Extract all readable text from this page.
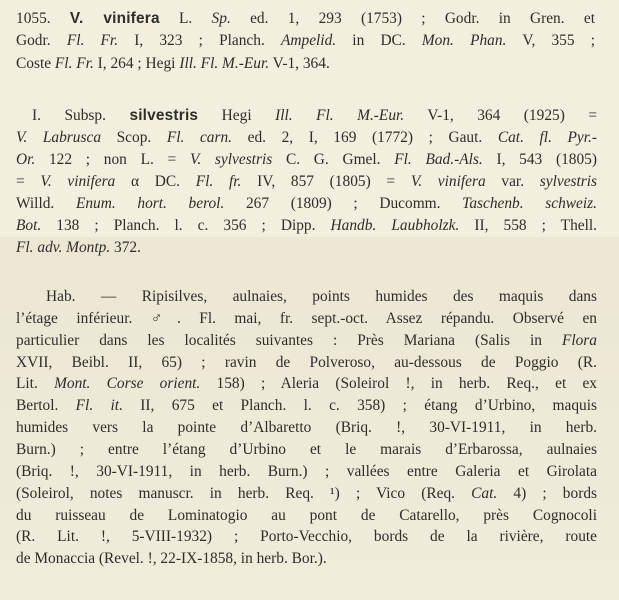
1055. V. vinifera L. Sp. ed. 1, 293 (1753) ; Godr. in Gren. et
Godr. Fl. Fr. I, 323 ; Planch. Ampelid. in DC. Mon. Phan. V, 355 ;
Coste Fl. Fr. I, 264 ; Hegi Ill. Fl. M.-Eur. V-1, 364.
I. Subsp. silvestris Hegi Ill. Fl. M.-Eur. V-1, 364 (1925) =
V. Labrusca Scop. Fl. carn. ed. 2, I, 169 (1772) ; Gaut. Cat. fl. Pyr.-
Or. 122 ; non L. = V. sylvestris C. G. Gmel. Fl. Bad.-Als. I, 543 (1805)
= V. vinifera α DC. Fl. fr. IV, 857 (1805) = V. vinifera var. sylvestris
Willd. Enum. hort. berol. 267 (1809) ; Ducomm. Taschenb. schweiz.
Bot. 138 ; Planch. l. c. 356 ; Dipp. Handb. Laubholzk. II, 558 ; Thell.
Fl. adv. Montp. 372.
Hab. — Ripisilves, aulnaies, points humides des maquis dans
l’étage inférieur. ♂. Fl. mai, fr. sept.-oct. Assez répandu. Observé en
particulier dans les localités suivantes : Près Mariana (Salis in Flora
XVII, Beibl. II, 65) ; ravin de Polveroso, au-dessous de Poggio (R.
Lit. Mont. Corse orient. 158) ; Aleria (Soleirol !, in herb. Req., et ex
Bertol. Fl. it. II, 675 et Planch. l. c. 358) ; étang d’Urbino, maquis
humides vers la pointe d’Albaretto (Briq. !, 30-VI-1911, in herb.
Burn.) ; entre l’étang d’Urbino et le marais d’Erbarossa, aulnaies
(Briq. !, 30-VI-1911, in herb. Burn.) ; vallées entre Galeria et Girolata
(Soleirol, notes manuscr. in herb. Req. ¹) ; Vico (Req. Cat. 4) ; bords
du ruisseau de Lominatogio au pont de Catarello, près Cognocoli
(R. Lit. !, 5-VIII-1932) ; Porto-Vecchio, bords de la rivière, route
de Monaccia (Revel. !, 22-IX-1858, in herb. Bor.).
